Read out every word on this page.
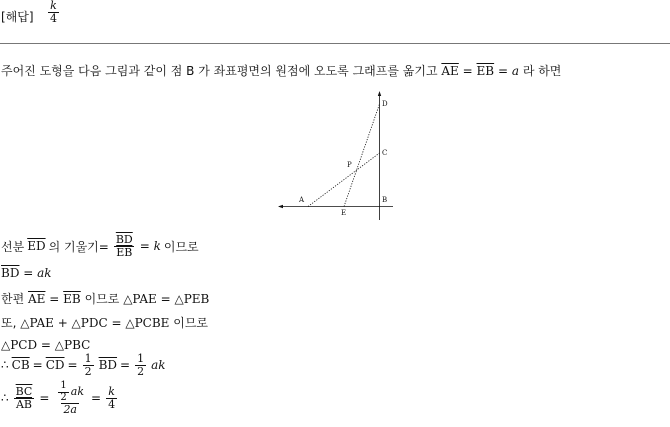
[해답] $\frac{k}{4}$
주어진 도형을 다음 그림과 같이 점 B 가 좌표평면의 원점에 오도록 그래프를 옮기고 $\overline{AE} = \overline{EB} = a$ 라 하면
A
E
B
P
C
D
선분 $\overline{ED}$ 의 기울기= $\frac{\overline{BD}}{EB} = k$ 이므로
$\overline{BD}$ = ak
한편 $\overline{AE} = \overline{EB}$ 이므로 △PAE = △PEB
또, △PAE + △PDC = △PCBE 이므로
△PCD = △PBC
∴ $\overline{CB} = \overline{CD} = \frac{1}{2} \overline{BD} = \frac{1}{2}$ ak
∴ $\frac{\overline{BC}}{AB} = \frac{\frac{1}{2} ak}{2a} = \frac{k}{4}$
